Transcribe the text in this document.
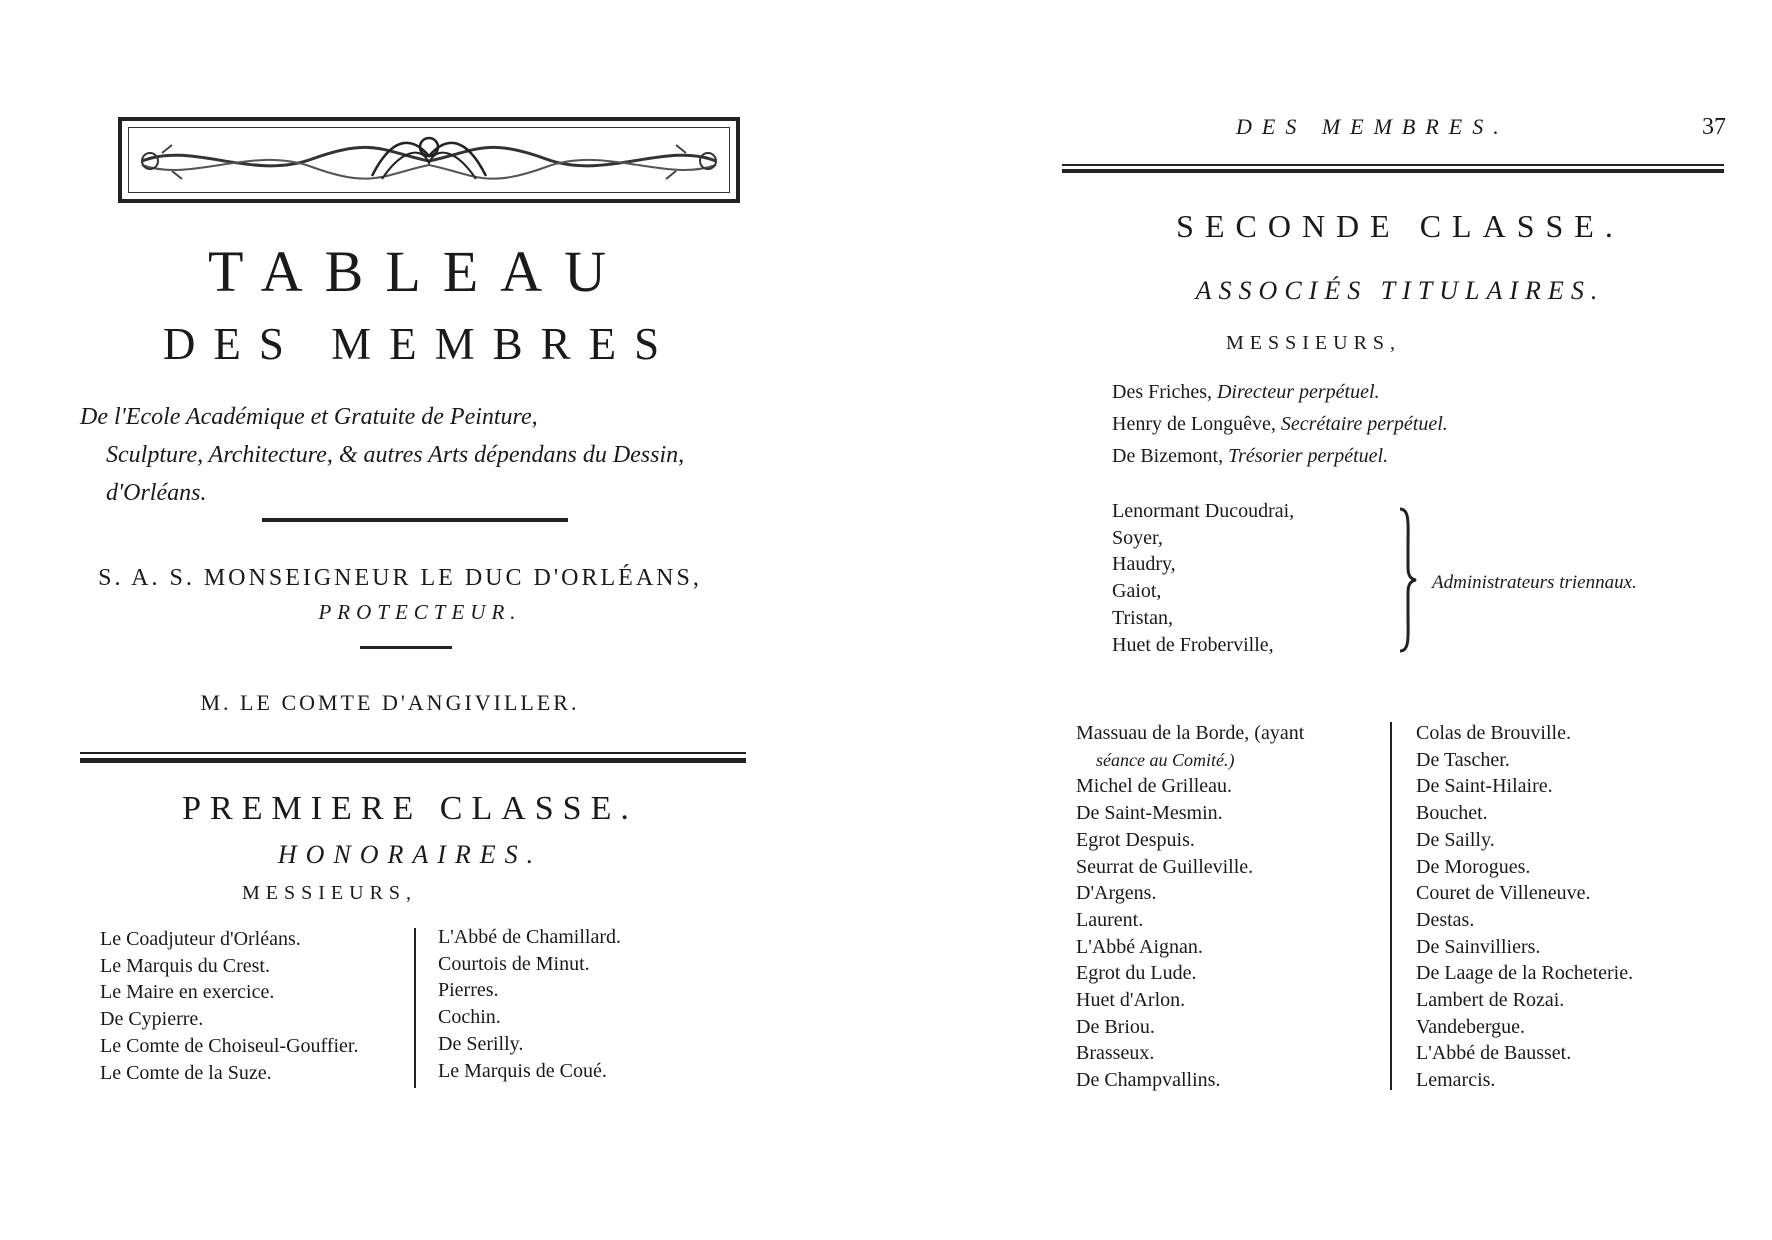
TABLEAU
DES MEMBRES
De l'Ecole Académique et Gratuite de Peinture,
Sculpture, Architecture, & autres Arts dépendans du Dessin,
d'Orléans.
S. A. S. MONSEIGNEUR LE DUC D'ORLÉANS,
PROTECTEUR.
M. LE COMTE D'ANGIVILLER.
PREMIERE CLASSE.
HONORAIRES.
MESSIEURS,
Le Coadjuteur d'Orléans.
Le Marquis du Crest.
Le Maire en exercice.
De Cypierre.
Le Comte de Choiseul-Gouffier.
Le Comte de la Suze.
L'Abbé de Chamillard.
Courtois de Minut.
Pierres.
Cochin.
De Serilly.
Le Marquis de Coué.
DES MEMBRES.	37
SECONDE CLASSE.
ASSOCIÉS TITULAIRES.
MESSIEURS,
Des Friches, Directeur perpétuel.
Henry de Longuêve, Secrétaire perpétuel.
De Bizemont, Trésorier perpétuel.
Lenormant Ducoudrai,
Soyer,
Haudry,
Gaiot,
Tristan,
Huet de Froberville,
Administrateurs triennaux.
Massuau de la Borde, (ayant
séance au Comité.)
Michel de Grilleau.
De Saint-Mesmin.
Egrot Despuis.
Seurrat de Guilleville.
D'Argens.
Laurent.
L'Abbé Aignan.
Egrot du Lude.
Huet d'Arlon.
De Briou.
Brasseux.
De Champvallins.
Colas de Brouville.
De Tascher.
De Saint-Hilaire.
Bouchet.
De Sailly.
De Morogues.
Couret de Villeneuve.
Destas.
De Sainvilliers.
De Laage de la Rocheterie.
Lambert de Rozai.
Vandebergue.
L'Abbé de Bausset.
Lemarcis.
